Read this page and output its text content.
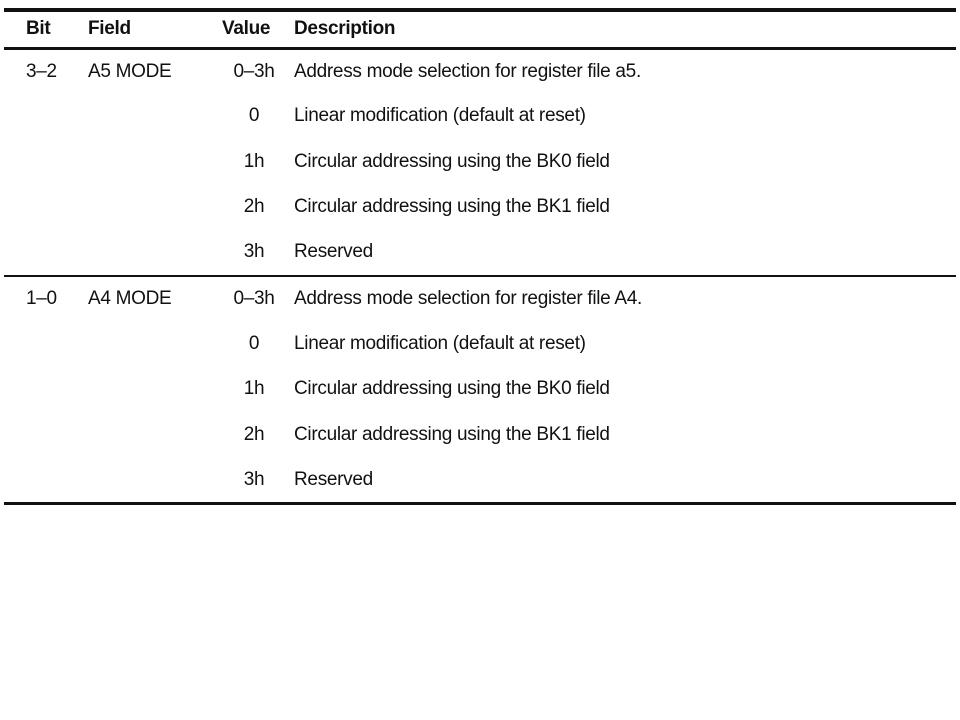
Bit	Field	Value	Description
3–2	A5 MODE	0–3h	Address mode selection for register file a5.
		0	Linear modification (default at reset)
		1h	Circular addressing using the BK0 field
		2h	Circular addressing using the BK1 field
		3h	Reserved
1–0	A4 MODE	0–3h	Address mode selection for register file A4.
		0	Linear modification (default at reset)
		1h	Circular addressing using the BK0 field
		2h	Circular addressing using the BK1 field
		3h	Reserved
